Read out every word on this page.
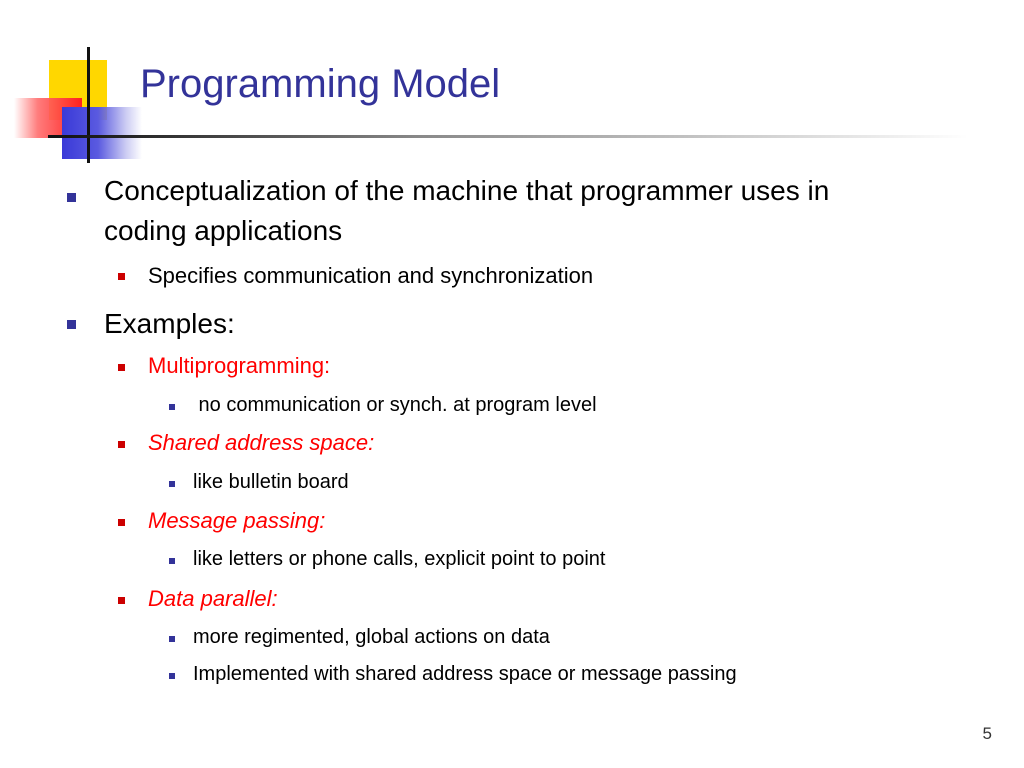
Programming Model
Conceptualization of the machine that programmer uses in
coding applications
Specifies communication and synchronization
Examples:
Multiprogramming:
no communication or synch. at program level
Shared address space:
like bulletin board
Message passing:
like letters or phone calls, explicit point to point
Data parallel:
more regimented, global actions on data
Implemented with shared address space or message passing
5
